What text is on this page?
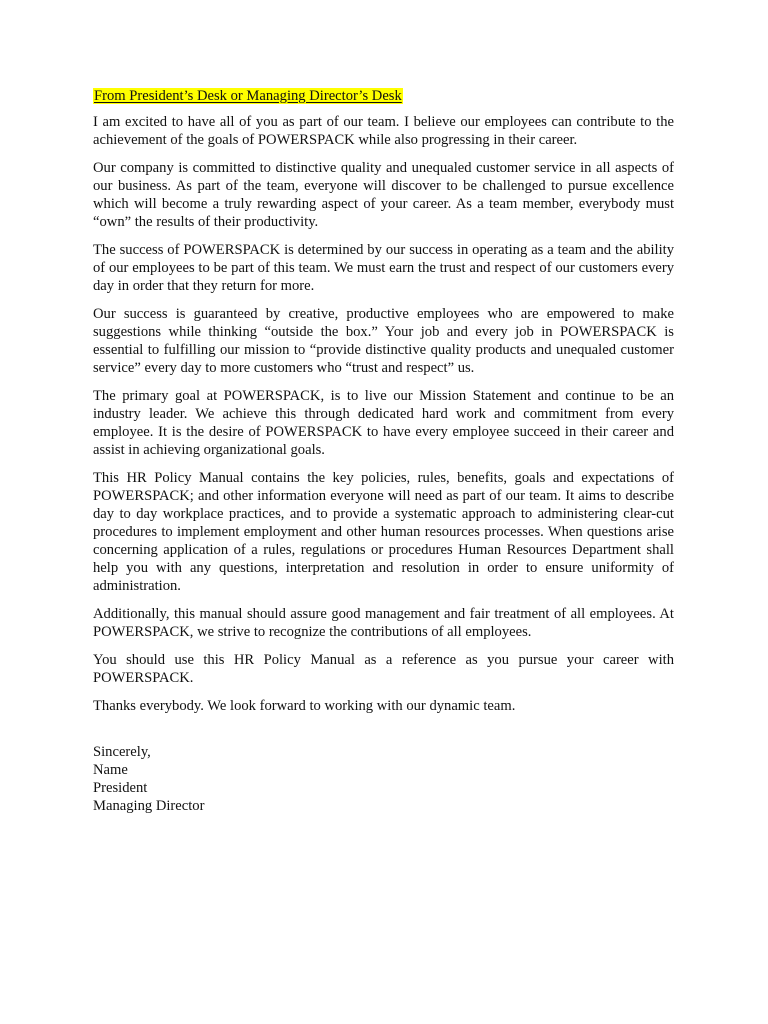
From President’s Desk or Managing Director’s Desk

I am excited to have all of you as part of our team. I believe our employees can contribute to the achievement of the goals of POWERSPACK while also progressing in their career.

Our company is committed to distinctive quality and unequaled customer service in all aspects of our business. As part of the team, everyone will discover to be challenged to pursue excellence which will become a truly rewarding aspect of your career. As a team member, everybody must “own” the results of their productivity.

The success of POWERSPACK is determined by our success in operating as a team and the ability of our employees to be part of this team. We must earn the trust and respect of our customers every day in order that they return for more.

Our success is guaranteed by creative, productive employees who are empowered to make suggestions while thinking “outside the box.” Your job and every job in POWERSPACK is essential to fulfilling our mission to “provide distinctive quality products and unequaled customer service” every day to more customers who “trust and respect” us.

The primary goal at POWERSPACK, is to live our Mission Statement and continue to be an industry leader. We achieve this through dedicated hard work and commitment from every employee. It is the desire of POWERSPACK to have every employee succeed in their career and assist in achieving organizational goals.

This HR Policy Manual contains the key policies, rules, benefits, goals and expectations of POWERSPACK; and other information everyone will need as part of our team. It aims to describe day to day workplace practices, and to provide a systematic approach to administering clear-cut procedures to implement employment and other human resources processes. When questions arise concerning application of a rules, regulations or procedures Human Resources Department shall help you with any questions, interpretation and resolution in order to ensure uniformity of administration.

Additionally, this manual should assure good management and fair treatment of all employees. At POWERSPACK, we strive to recognize the contributions of all employees.

You should use this HR Policy Manual as a reference as you pursue your career with POWERSPACK.

Thanks everybody. We look forward to working with our dynamic team.

Sincerely,
Name
President
Managing Director
